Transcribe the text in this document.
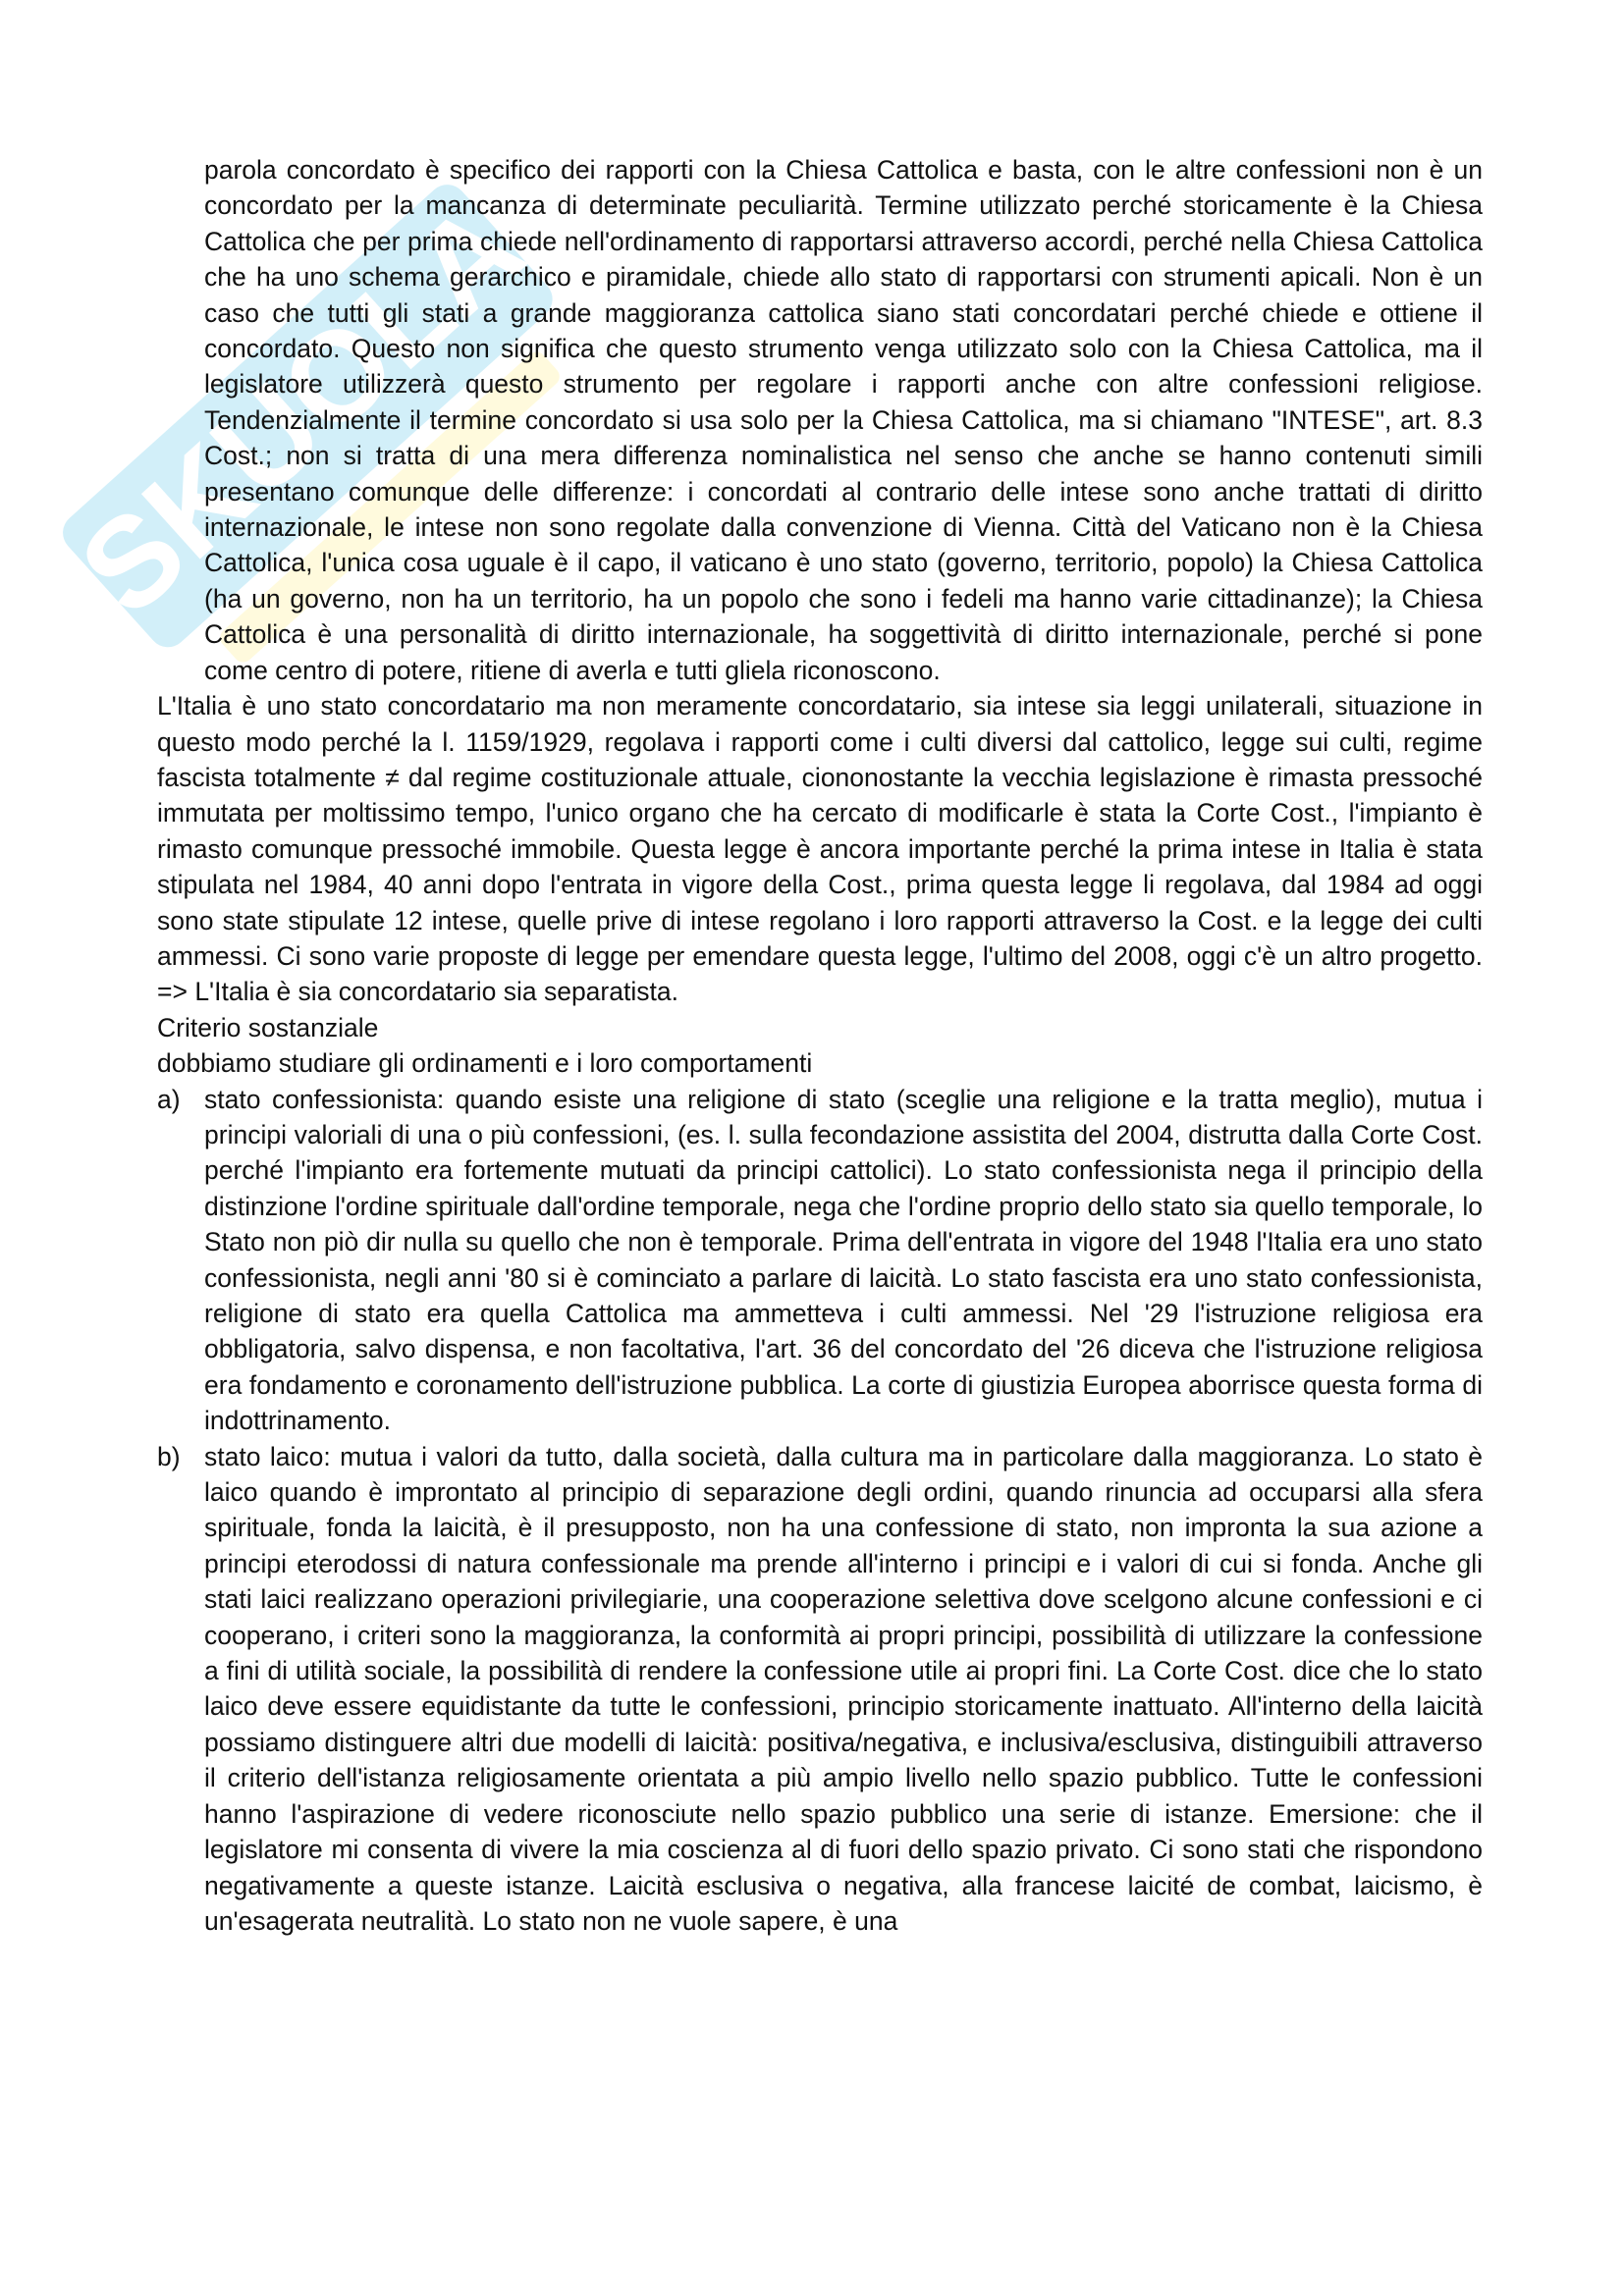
SKUOLA

parola concordato è specifico dei rapporti con la Chiesa Cattolica e basta, con le altre confessioni non è un concordato per la mancanza di determinate peculiarità. Termine utilizzato perché storicamente è la Chiesa Cattolica che per prima chiede nell'ordinamento di rapportarsi attraverso accordi, perché nella Chiesa Cattolica che ha uno schema gerarchico e piramidale, chiede allo stato di rapportarsi con strumenti apicali. Non è un caso che tutti gli stati a grande maggioranza cattolica siano stati concordatari perché chiede e ottiene il concordato. Questo non significa che questo strumento venga utilizzato solo con la Chiesa Cattolica, ma il legislatore utilizzerà questo strumento per regolare i rapporti anche con altre confessioni religiose. Tendenzialmente il termine concordato si usa solo per la Chiesa Cattolica, ma si chiamano "INTESE", art. 8.3 Cost.; non si tratta di una mera differenza nominalistica nel senso che anche se hanno contenuti simili presentano comunque delle differenze: i concordati al contrario delle intese sono anche trattati di diritto internazionale, le intese non sono regolate dalla convenzione di Vienna. Città del Vaticano non è la Chiesa Cattolica, l'unica cosa uguale è il capo, il vaticano è uno stato (governo, territorio, popolo) la Chiesa Cattolica (ha un governo, non ha un territorio, ha un popolo che sono i fedeli ma hanno varie cittadinanze); la Chiesa Cattolica è una personalità di diritto internazionale, ha soggettività di diritto internazionale, perché si pone come centro di potere, ritiene di averla e tutti gliela riconoscono.

L'Italia è uno stato concordatario ma non meramente concordatario, sia intese sia leggi unilaterali, situazione in questo modo perché la l. 1159/1929, regolava i rapporti come i culti diversi dal cattolico, legge sui culti, regime fascista totalmente ≠ dal regime costituzionale attuale, ciononostante la vecchia legislazione è rimasta pressoché immutata per moltissimo tempo, l'unico organo che ha cercato di modificarle è stata la Corte Cost., l'impianto è rimasto comunque pressoché immobile. Questa legge è ancora importante perché la prima intese in Italia è stata stipulata nel 1984, 40 anni dopo l'entrata in vigore della Cost., prima questa legge li regolava, dal 1984 ad oggi sono state stipulate 12 intese, quelle prive di intese regolano i loro rapporti attraverso la Cost. e la legge dei culti ammessi. Ci sono varie proposte di legge per emendare questa legge, l'ultimo del 2008, oggi c'è un altro progetto. => L'Italia è sia concordatario sia separatista.

Criterio sostanziale

dobbiamo studiare gli ordinamenti e i loro comportamenti

a) stato confessionista: quando esiste una religione di stato (sceglie una religione e la tratta meglio), mutua i principi valoriali di una o più confessioni, (es. l. sulla fecondazione assistita del 2004, distrutta dalla Corte Cost. perché l'impianto era fortemente mutuati da principi cattolici). Lo stato confessionista nega il principio della distinzione l'ordine spirituale dall'ordine temporale, nega che l'ordine proprio dello stato sia quello temporale, lo Stato non piò dir nulla su quello che non è temporale. Prima dell'entrata in vigore del 1948 l'Italia era uno stato confessionista, negli anni '80 si è cominciato a parlare di laicità. Lo stato fascista era uno stato confessionista, religione di stato era quella Cattolica ma ammetteva i culti ammessi. Nel '29 l'istruzione religiosa era obbligatoria, salvo dispensa, e non facoltativa, l'art. 36 del concordato del '26 diceva che l'istruzione religiosa era fondamento e coronamento dell'istruzione pubblica. La corte di giustizia Europea aborrisce questa forma di indottrinamento.
b) stato laico: mutua i valori da tutto, dalla società, dalla cultura ma in particolare dalla maggioranza. Lo stato è laico quando è improntato al principio di separazione degli ordini, quando rinuncia ad occuparsi alla sfera spirituale, fonda la laicità, è il presupposto, non ha una confessione di stato, non impronta la sua azione a principi eterodossi di natura confessionale ma prende all'interno i principi e i valori di cui si fonda. Anche gli stati laici realizzano operazioni privilegiarie, una cooperazione selettiva dove scelgono alcune confessioni e ci cooperano, i criteri sono la maggioranza, la conformità ai propri principi, possibilità di utilizzare la confessione a fini di utilità sociale, la possibilità di rendere la confessione utile ai propri fini. La Corte Cost. dice che lo stato laico deve essere equidistante da tutte le confessioni, principio storicamente inattuato. All'interno della laicità possiamo distinguere altri due modelli di laicità: positiva/negativa, e inclusiva/esclusiva, distinguibili attraverso il criterio dell'istanza religiosamente orientata a più ampio livello nello spazio pubblico. Tutte le confessioni hanno l'aspirazione di vedere riconosciute nello spazio pubblico una serie di istanze. Emersione: che il legislatore mi consenta di vivere la mia coscienza al di fuori dello spazio privato. Ci sono stati che rispondono negativamente a queste istanze. Laicità esclusiva o negativa, alla francese laicité de combat, laicismo, è un'esagerata neutralità. Lo stato non ne vuole sapere, è una
